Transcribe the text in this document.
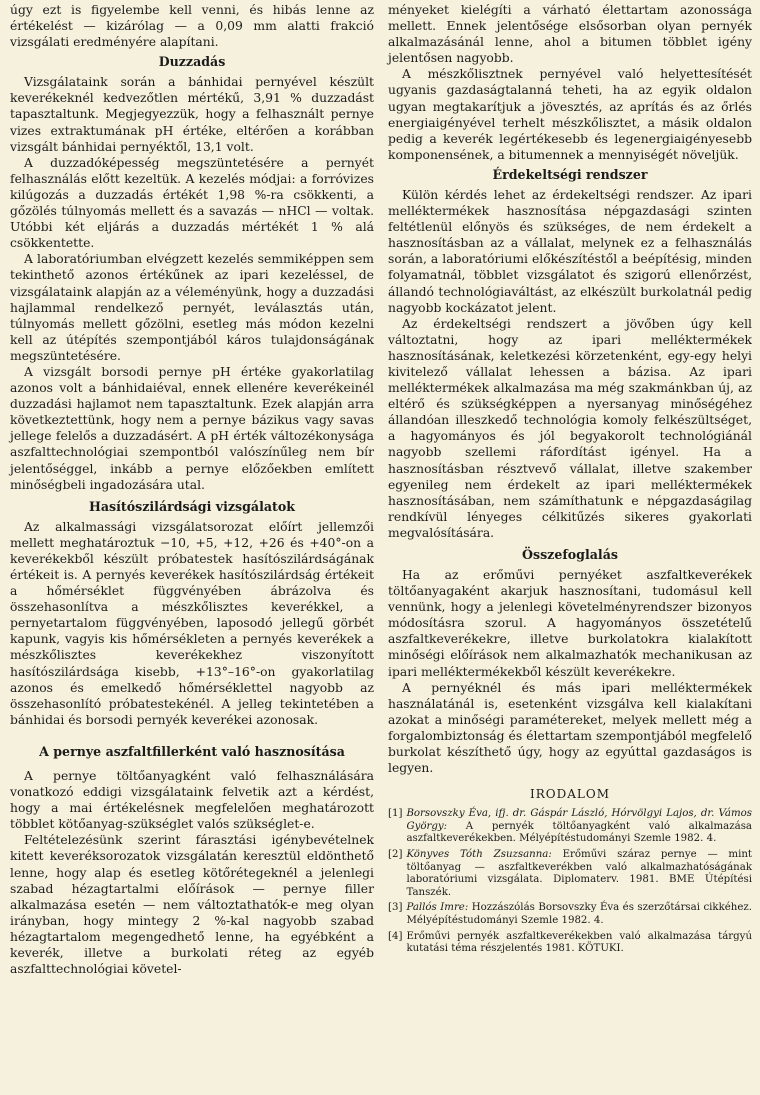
úgy ezt is figyelembe kell venni, és hibás lenne az értékelést — kizárólag — a 0,09 mm alatti frakció vizsgálati eredményére alapítani.

Duzzadás

Vizsgálataink során a bánhidai pernyével készült keverékeknél kedvezőtlen mértékű, 3,91 % duzzadást tapasztaltunk. Megjegyezzük, hogy a felhasznált pernye vizes extraktumának pH értéke, eltérően a korábban vizsgált bánhidai pernyéktől, 13,1 volt.

A duzzadóképesség megszüntetésére a pernyét felhasználás előtt kezeltük. A kezelés módjai: a forróvizes kilúgozás a duzzadás értékét 1,98 %-ra csökkenti, a gőzölés túlnyomás mellett és a savazás — nHCl — voltak. Utóbbi két eljárás a duzzadás mértékét 1 % alá csökkentette.

A laboratóriumban elvégzett kezelés semmiképpen sem tekinthető azonos értékűnek az ipari kezeléssel, de vizsgálataink alapján az a véleményünk, hogy a duzzadási hajlammal rendelkező pernyét, leválasztás után, túlnyomás mellett gőzölni, esetleg más módon kezelni kell az útépítés szempontjából káros tulajdonságának megszüntetésére.

A vizsgált borsodi pernye pH értéke gyakorlatilag azonos volt a bánhidaiéval, ennek ellenére keverékeinél duzzadási hajlamot nem tapasztaltunk. Ezek alapján arra következtettünk, hogy nem a pernye bázikus vagy savas jellege felelős a duzzadásért. A pH érték változékonysága aszfalttechnológiai szempontból valószínűleg nem bír jelentőséggel, inkább a pernye előzőekben említett minőségbeli ingadozására utal.

Hasítószilárdsági vizsgálatok

Az alkalmassági vizsgálatsorozat előírt jellemzői mellett meghatároztuk −10, +5, +12, +26 és +40°-on a keverékekből készült próbatestek hasítószilárdságának értékeit is. A pernyés keverékek hasítószilárdság értékeit a hőmérséklet függvényében ábrázolva és összehasonlítva a mészkőlisztes keverékkel, a pernyetartalom függvényében, laposodó jellegű görbét kapunk, vagyis kis hőmérsékleten a pernyés keverékek a mészkőlisztes keverékekhez viszonyított hasítószilárdsága kisebb, +13°–16°-on gyakorlatilag azonos és emelkedő hőmérséklettel nagyobb az összehasonlító próbatestekénél. A jelleg tekintetében a bánhidai és borsodi pernyék keverékei azonosak.

A pernye aszfaltfillerként való hasznosítása

A pernye töltőanyagként való felhasználására vonatkozó eddigi vizsgálataink felvetik azt a kérdést, hogy a mai értékelésnek megfelelően meghatározott többlet kötőanyag-szükséglet valós szükséglet-e.

Feltételezésünk szerint fárasztási igénybevételnek kitett keveréksorozatok vizsgálatán keresztül eldönthető lenne, hogy alap és esetleg kötőrétegeknél a jelenlegi szabad hézagtartalmi előírások — pernye filler alkalmazása esetén — nem változtathatók-e meg olyan irányban, hogy mintegy 2 %-kal nagyobb szabad hézagtartalom megengedhető lenne, ha egyébként a keverék, illetve a burkolati réteg az egyéb aszfalttechnológiai követel-

ményeket kielégíti a várható élettartam azonossága mellett. Ennek jelentősége elsősorban olyan pernyék alkalmazásánál lenne, ahol a bitumen többlet igény jelentősen nagyobb.

A mészkőlisztnek pernyével való helyettesítését ugyanis gazdaságtalanná teheti, ha az egyik oldalon ugyan megtakarítjuk a jövesztés, az aprítás és az őrlés energiaigényével terhelt mészkőlisztet, a másik oldalon pedig a keverék legértékesebb és legenergiaigényesebb komponensének, a bitumennek a mennyiségét növeljük.

Érdekeltségi rendszer

Külön kérdés lehet az érdekeltségi rendszer. Az ipari melléktermékek hasznosítása népgazdasági szinten feltétlenül előnyös és szükséges, de nem érdekelt a hasznosításban az a vállalat, melynek ez a felhasználás során, a laboratóriumi előkészítéstől a beépítésig, minden folyamatnál, többlet vizsgálatot és szigorú ellenőrzést, állandó technológiaváltást, az elkészült burkolatnál pedig nagyobb kockázatot jelent.

Az érdekeltségi rendszert a jövőben úgy kell változtatni, hogy az ipari melléktermékek hasznosításának, keletkezési körzetenként, egy-egy helyi kivitelező vállalat lehessen a bázisa. Az ipari melléktermékek alkalmazása ma még szakmánkban új, az eltérő és szükségképpen a nyersanyag minőségéhez állandóan illeszkedő technológia komoly felkészültséget, a hagyományos és jól begyakorolt technológiánál nagyobb szellemi ráfordítást igényel. Ha a hasznosításban résztvevő vállalat, illetve szakember egyenileg nem érdekelt az ipari melléktermékek hasznosításában, nem számíthatunk e népgazdaságilag rendkívül lényeges célkitűzés sikeres gyakorlati megvalósítására.

Összefoglalás

Ha az erőművi pernyéket aszfaltkeverékek töltőanyagaként akarjuk hasznosítani, tudomásul kell vennünk, hogy a jelenlegi követelményrendszer bizonyos módosításra szorul. A hagyományos összetételű aszfaltkeverékekre, illetve burkolatokra kialakított minőségi előírások nem alkalmazhatók mechanikusan az ipari melléktermékekből készült keverékekre.

A pernyéknél és más ipari melléktermékek használatánál is, esetenként vizsgálva kell kialakítani azokat a minőségi paramétereket, melyek mellett még a forgalombiztonság és élettartam szempontjából megfelelő burkolat készíthető úgy, hogy az egyúttal gazdaságos is legyen.

IRODALOM
[1] Borsovszky Éva, ifj. dr. Gáspár László, Hórvölgyi Lajos, dr. Vámos György: A pernyék töltőanyagként való alkalmazása aszfaltkeverékekben. Mélyépítéstudományi Szemle 1982. 4.
[2] Könyves Tóth Zsuzsanna: Erőművi száraz pernye — mint töltőanyag — aszfaltkeverékben való alkalmazhatóságának laboratóriumi vizsgálata. Diplomaterv. 1981. BME Útépítési Tanszék.
[3] Pallós Imre: Hozzászólás Borsovszky Éva és szerzőtársai cikkéhez. Mélyépítéstudományi Szemle 1982. 4.
[4] Erőművi pernyék aszfaltkeverékekben való alkalmazása tárgyú kutatási téma részjelentés 1981. KÖTUKI.
